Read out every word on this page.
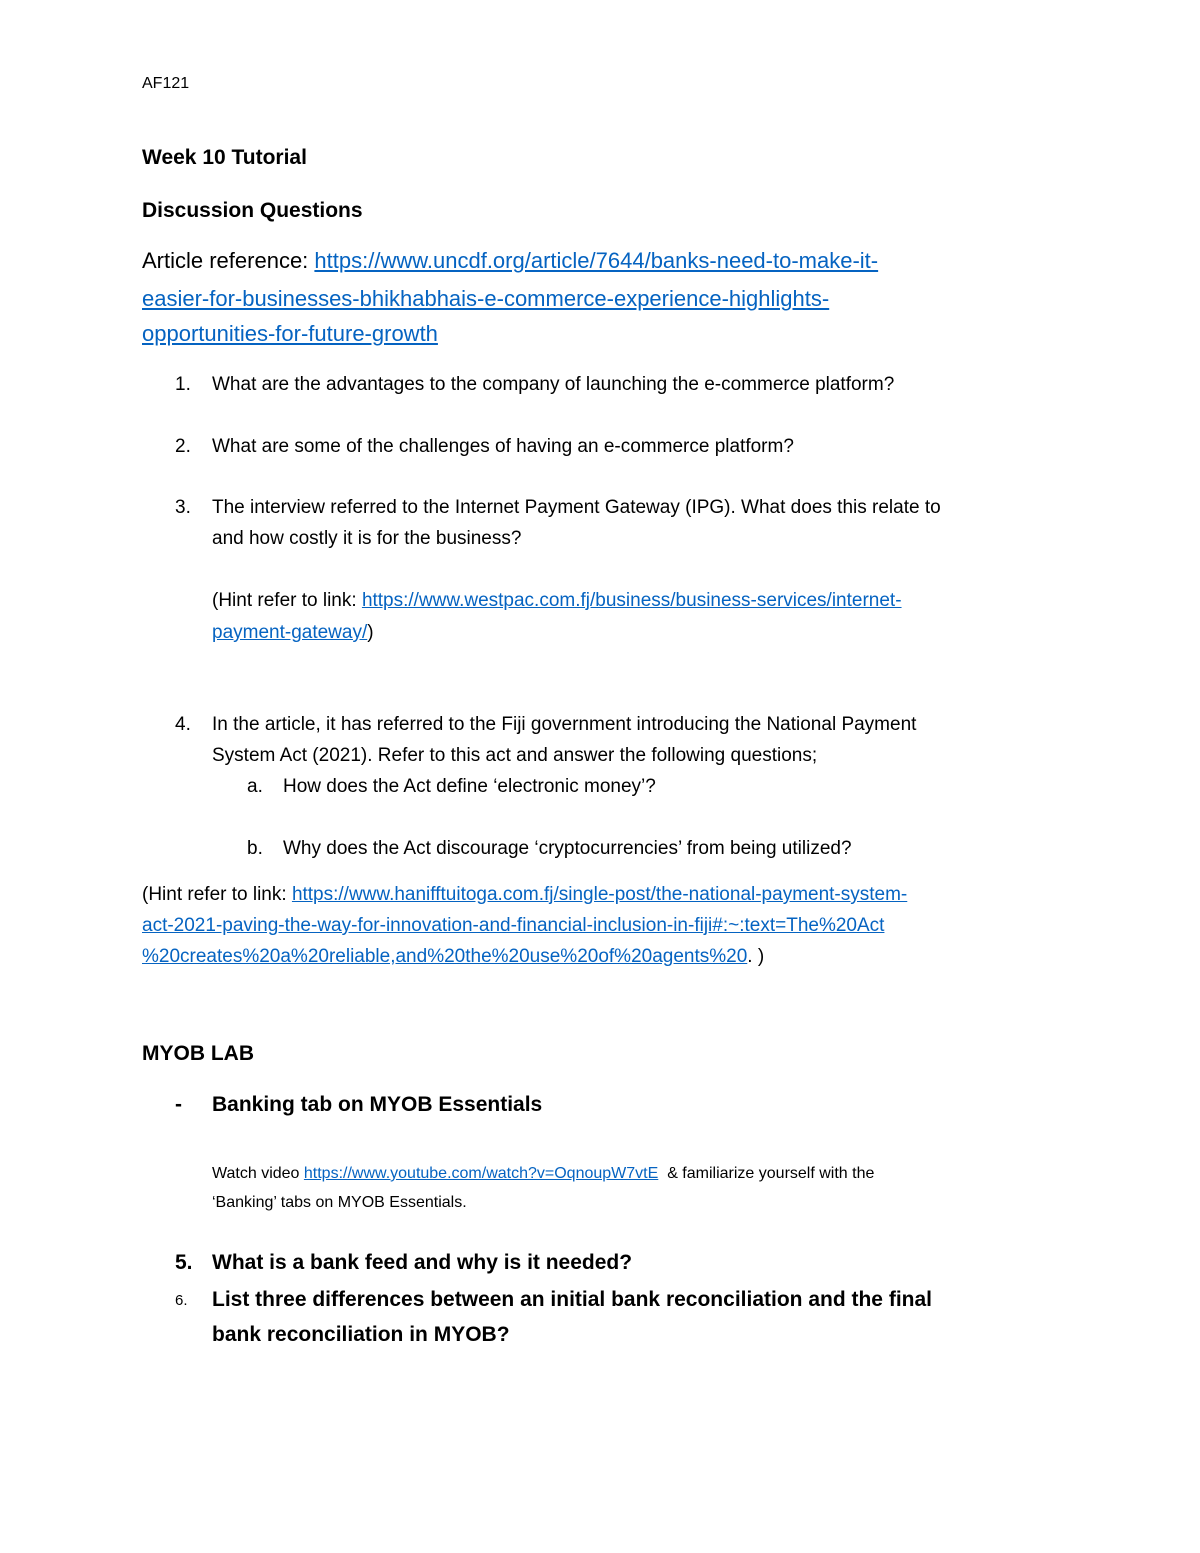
AF121
Week 10 Tutorial
Discussion Questions
Article reference: https://www.uncdf.org/article/7644/banks-need-to-make-it-
easier-for-businesses-bhikhabhais-e-commerce-experience-highlights-
opportunities-for-future-growth
1. What are the advantages to the company of launching the e-commerce platform?
2. What are some of the challenges of having an e-commerce platform?
3. The interview referred to the Internet Payment Gateway (IPG). What does this relate to
and how costly it is for the business?
(Hint refer to link: https://www.westpac.com.fj/business/business-services/internet-
payment-gateway/)
4. In the article, it has referred to the Fiji government introducing the National Payment
System Act (2021). Refer to this act and answer the following questions;
a. How does the Act define ‘electronic money’?
b. Why does the Act discourage ‘cryptocurrencies’ from being utilized?
(Hint refer to link: https://www.hanifftuitoga.com.fj/single-post/the-national-payment-system-
act-2021-paving-the-way-for-innovation-and-financial-inclusion-in-fiji#:~:text=The%20Act
%20creates%20a%20reliable,and%20the%20use%20of%20agents%20. )
MYOB LAB
- Banking tab on MYOB Essentials
Watch video https://www.youtube.com/watch?v=OqnoupW7vtE  & familiarize yourself with the
‘Banking’ tabs on MYOB Essentials.
5. What is a bank feed and why is it needed?
6. List three differences between an initial bank reconciliation and the final
bank reconciliation in MYOB?
